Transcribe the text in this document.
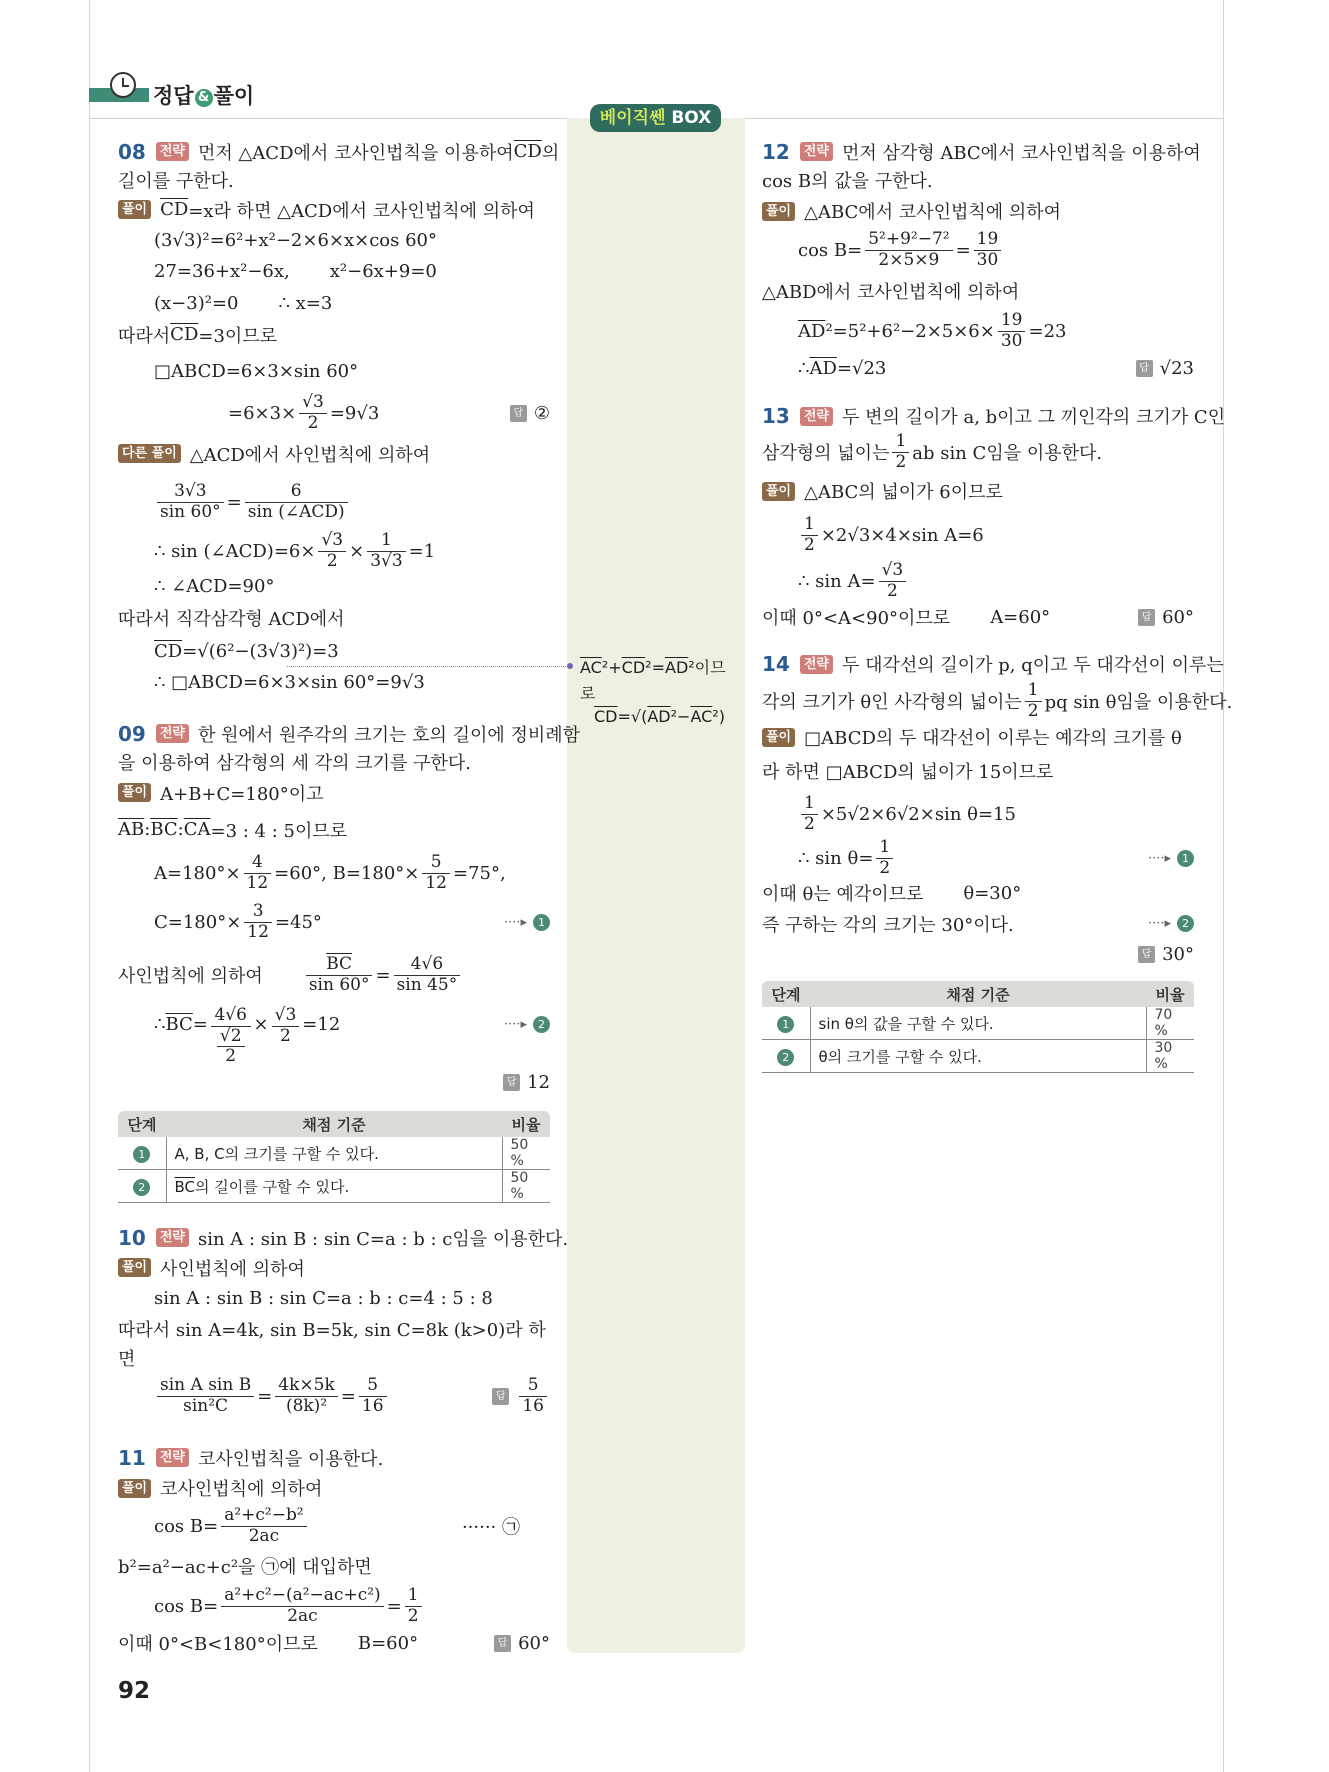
정답 & 풀이
베이직쎈 BOX
$\overline{AC}^2+\overline{CD}^2=\overline{AD}^2$이므
로
$\overline{CD}=√(\overline{AD}^2-\overline{AC}^2)$
08	전략 먼저 △ACD에서 코사인법칙을 이용하여 $\overline{CD}$ 의
길이를 구한다.
풀이 $\overline{CD} =x$라 하면 △ACD에서 코사인법칙에 의하여
(3√3)²=6²+x²−2×6×x×cos 60°
27=36+x²−6x, x²−6x+9=0
(x−3)²=0 ∴ x=3
따라서 $\overline{CD} =3$이므로
□ABCD=6×3×sin 60°
$=6\times 3\times \frac{√3}{2} =9√3$	답 ②
다른 풀이 △ACD에서 사인법칙에 의하여
$\frac{3√3}{\sin 60^\circ}$ =
6
sin (∠ACD)
∴ sin (∠ACD)=6× $\frac{√3}{2} \times \frac{1}{3√3} =1$
∴ ∠ACD=90°
따라서 직각삼각형 ACD에서
$\overline{CD} =√(6^2-(3√3)^2)=3$
∴ □ABCD=6×3×sin 60°=9√3
09	전략 한 원에서 원주각의 크기는 호의 길이에 정비례함
을 이용하여 삼각형의 세 각의 크기를 구한다.
풀이 A+B+C=180°이고
$\overline{AB}$ : $\overline{BC}$ : $\overline{CA} =3$ : 4 : 5이므로
$A=180^\circ\times \frac{4}{12} =60^\circ$, $B=180^\circ\times \frac{5}{12} =75^\circ$,
$C=180^\circ\times \frac{3}{12} =45^\circ$	····▸	1
사인법칙에 의하여	$\frac{\overline{BC}}{\sin 60^\circ} = \frac{4√6}{\sin 45^\circ}$
∴ $\overline{BC} = \frac{4√6}{\frac{√2}{2}} \times \frac{√3}{2} =12$	····▸	2
답 12
단계	채점 기준	비율
1	A, B, C의 크기를 구할 수 있다.	50 %
2	$\overline{BC}$의 길이를 구할 수 있다.	50 %
10	전략 sin A : sin B : sin C=a : b : c임을 이용한다.
풀이 사인법칙에 의하여
sin A : sin B : sin C=a : b : c=4 : 5 : 8
따라서 sin A=4k, sin B=5k, sin C=8k (k>0)라 하
면
$\frac{\text{sin A sin B}}{\text{sin²C}} = \frac{4k\times 5k}{\text{(8k)²}} = \frac{5}{16}$	답 $\frac{5}{16}$
11	전략 코사인법칙을 이용한다.
풀이 코사인법칙에 의하여
$\cos B= \frac{\text{a²+c²−b²}}{2ac}$	······ ㉠
b²=a²−ac+c²을 ㉠에 대입하면
$\cos B= \frac{\text{a²+c²−(a²−ac+c²)}}{2ac} = \frac{1}{2}$
이때 0°<B<180°이므로 B=60°	답 60°
92
12	전략 먼저 삼각형 ABC에서 코사인법칙을 이용하여
cos B의 값을 구한다.
풀이 △ABC에서 코사인법칙에 의하여
$\cos B= \frac{\text{5²+9²−7²}}{2\times 5\times 9} = \frac{19}{30}$
△ABD에서 코사인법칙에 의하여
$\overline{AD}$ $^2=5^2+6^2-2\times 5\times 6\times \frac{19}{30} =23$
∴ $\overline{AD} =√23$	답 √23
13	전략 두 변의 길이가 a, b이고 그 끼인각의 크기가 C인
삼각형의 넓이는 $\frac{1}{2}$ ab sin C임을 이용한다.
풀이 △ABC의 넓이가 6이므로
$\frac{1}{2} \times 2√3\times 4\times\sin$ A=6
∴ $\sin A= \frac{√3}{2}$
이때 0°<A<90°이므로 A=60°	답 60°
14	전략 두 대각선의 길이가 p, q이고 두 대각선이 이루는
각의 크기가 θ인 사각형의 넓이는 $\frac{1}{2}$ pq sin θ임을 이용한다.
풀이 □ABCD의 두 대각선이 이루는 예각의 크기를 θ
라 하면 □ABCD의 넓이가 15이므로
$\frac{1}{2} \times 5√2\times 6√2\times\sin$ θ=15
∴ $\sin \theta= \frac{1}{2}$	····▸	1
이때 θ는 예각이므로 θ=30°
즉 구하는 각의 크기는 30°이다.	····▸	2
답 30°
단계	채점 기준	비율
1	sin θ의 값을 구할 수 있다.	70 %
2	θ의 크기를 구할 수 있다.	30 %
